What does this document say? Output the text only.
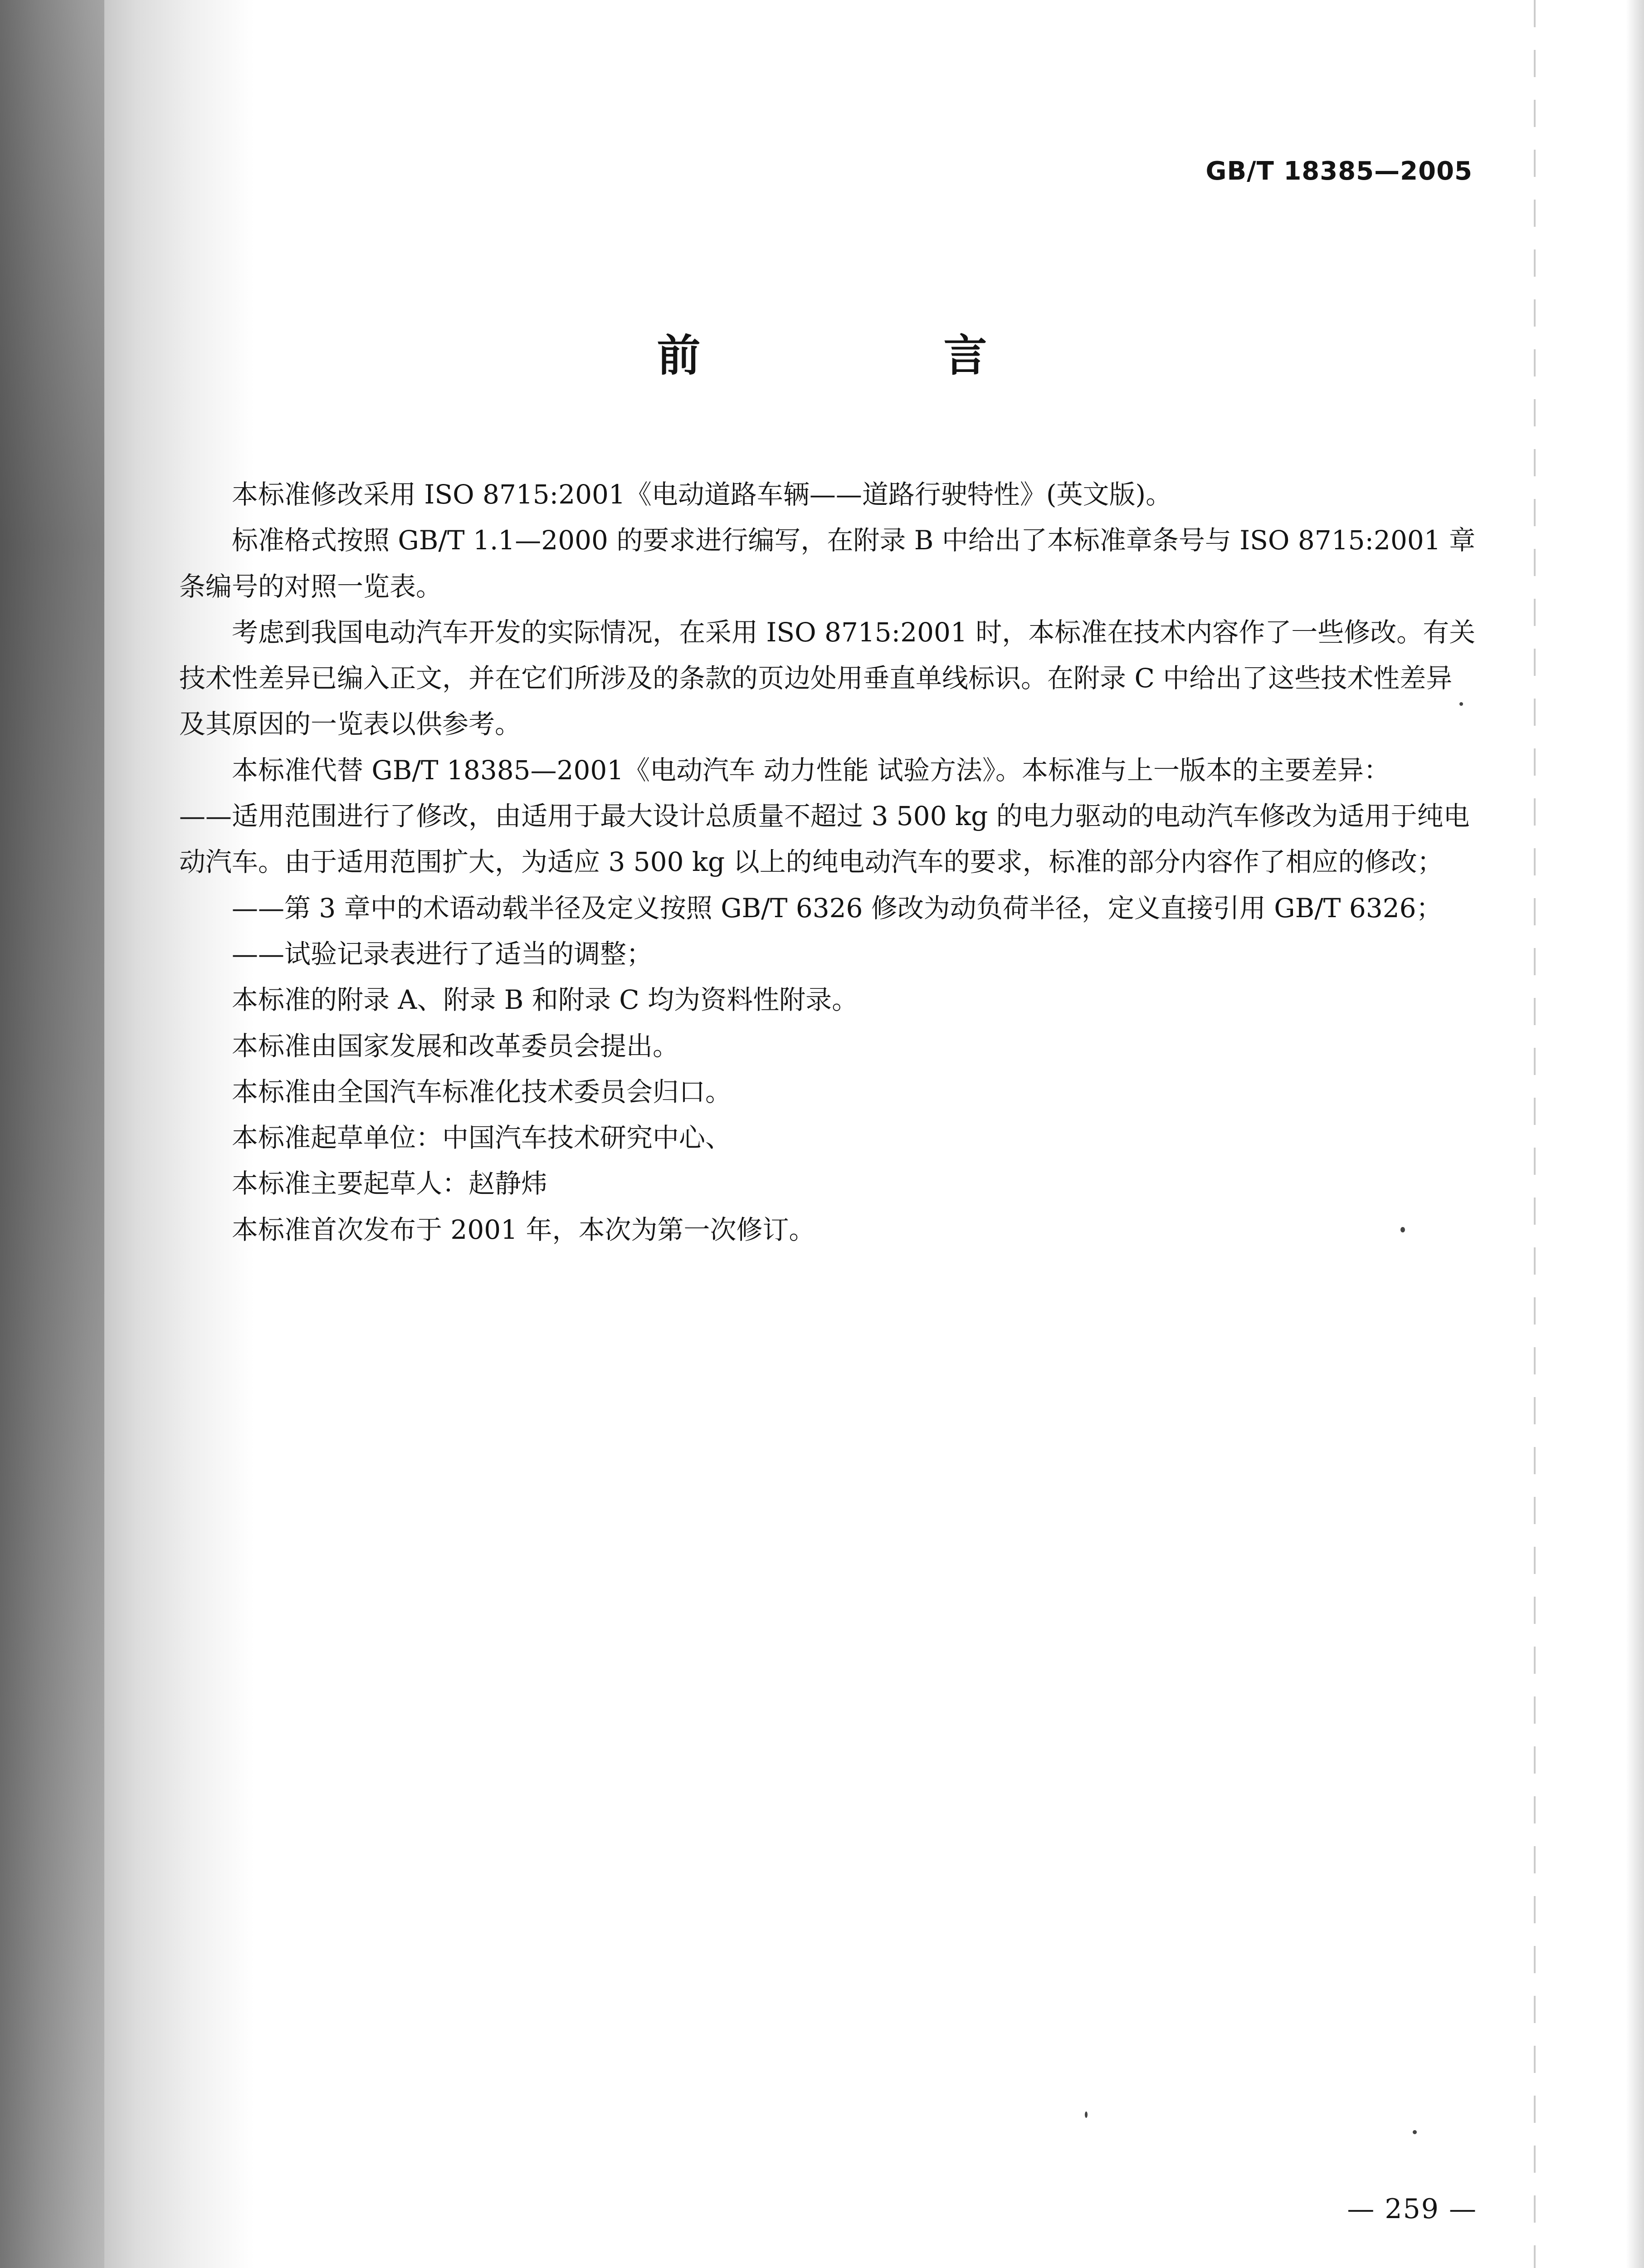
GB/T 18385—2005
前　言

本标准修改采用 ISO 8715:2001《电动道路车辆——道路行驶特性》(英文版)。

标准格式按照 GB/T 1.1—2000 的要求进行编写，在附录 B 中给出了本标准章条号与 ISO 8715:2001 章条编号的对照一览表。

考虑到我国电动汽车开发的实际情况，在采用 ISO 8715:2001 时，本标准在技术内容作了一些修改。有关技术性差异已编入正文，并在它们所涉及的条款的页边处用垂直单线标识。在附录 C 中给出了这些技术性差异及其原因的一览表以供参考。

本标准代替 GB/T 18385—2001《电动汽车 动力性能 试验方法》。本标准与上一版本的主要差异：

——适用范围进行了修改，由适用于最大设计总质量不超过 3 500 kg 的电力驱动的电动汽车修改为适用于纯电动汽车。由于适用范围扩大，为适应 3 500 kg 以上的纯电动汽车的要求，标准的部分内容作了相应的修改；

——第 3 章中的术语动载半径及定义按照 GB/T 6326 修改为动负荷半径，定义直接引用 GB/T 6326；

——试验记录表进行了适当的调整；

本标准的附录 A、附录 B 和附录 C 均为资料性附录。

本标准由国家发展和改革委员会提出。

本标准由全国汽车标准化技术委员会归口。

本标准起草单位：中国汽车技术研究中心、

本标准主要起草人：赵静炜

本标准首次发布于 2001 年，本次为第一次修订。

— 259 —
